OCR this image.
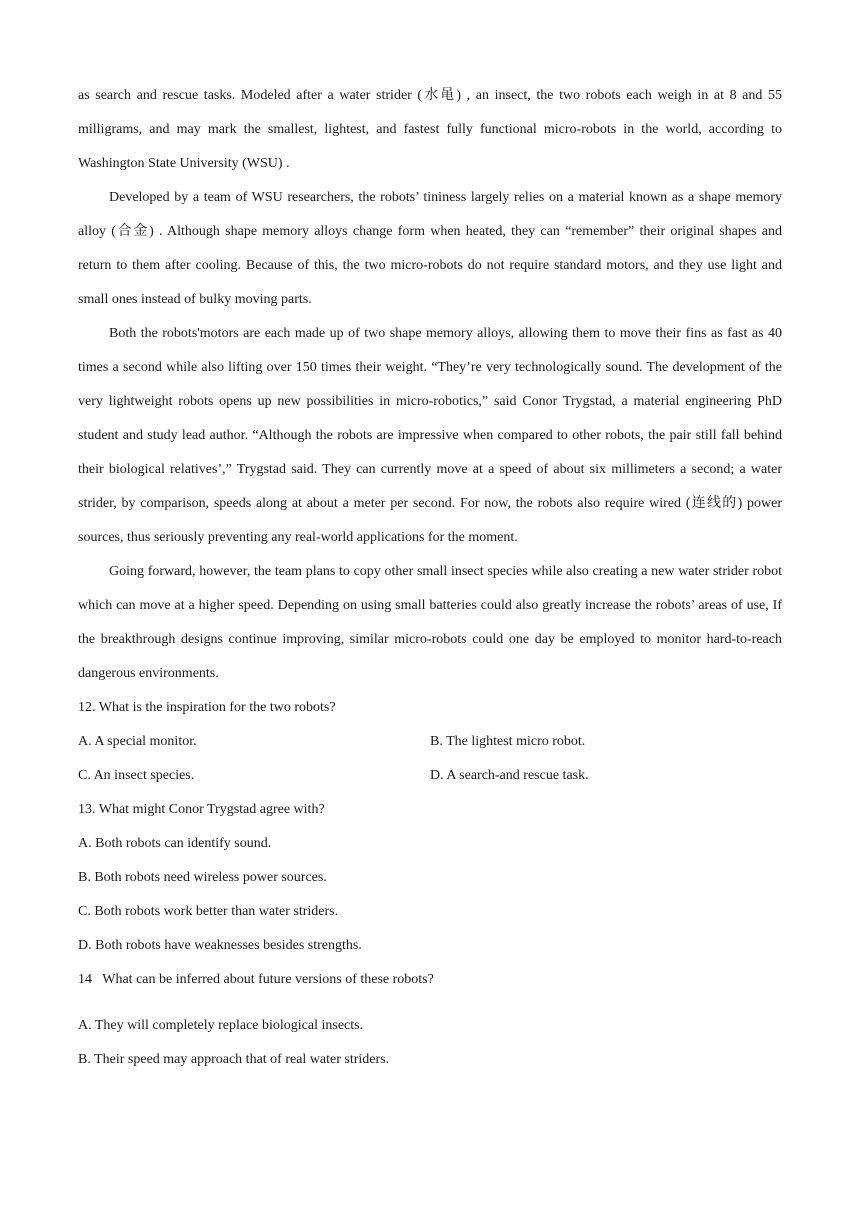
as search and rescue tasks. Modeled after a water strider (水黾) , an insect, the two robots each weigh in at 8 and 55 milligrams, and may mark the smallest, lightest, and fastest fully functional micro-robots in the world, according to Washington State University (WSU) .

Developed by a team of WSU researchers, the robots’ tininess largely relies on a material known as a shape memory alloy (合金) . Although shape memory alloys change form when heated, they can “remember” their original shapes and return to them after cooling. Because of this, the two micro-robots do not require standard motors, and they use light and small ones instead of bulky moving parts.

Both the robots'motors are each made up of two shape memory alloys, allowing them to move their fins as fast as 40 times a second while also lifting over 150 times their weight. “They’re very technologically sound. The development of the very lightweight robots opens up new possibilities in micro-robotics,” said Conor Trygstad, a material engineering PhD student and study lead author. “Although the robots are impressive when compared to other robots, the pair still fall behind their biological relatives’,” Trygstad said. They can currently move at a speed of about six millimeters a second; a water strider, by comparison, speeds along at about a meter per second. For now, the robots also require wired (连线的) power sources, thus seriously preventing any real-world applications for the moment.

Going forward, however, the team plans to copy other small insect species while also creating a new water strider robot which can move at a higher speed. Depending on using small batteries could also greatly increase the robots’ areas of use, If the breakthrough designs continue improving, similar micro-robots could one day be employed to monitor hard-to-reach dangerous environments.

12. What is the inspiration for the two robots?

A. A special monitor.	B. The lightest micro robot.
C. An insect species.	D. A search-and rescue task.

13. What might Conor Trygstad agree with?

A. Both robots can identify sound.

B. Both robots need wireless power sources.

C. Both robots work better than water striders.

D. Both robots have weaknesses besides strengths.

14   What can be inferred about future versions of these robots?

A. They will completely replace biological insects.

B. Their speed may approach that of real water striders.
